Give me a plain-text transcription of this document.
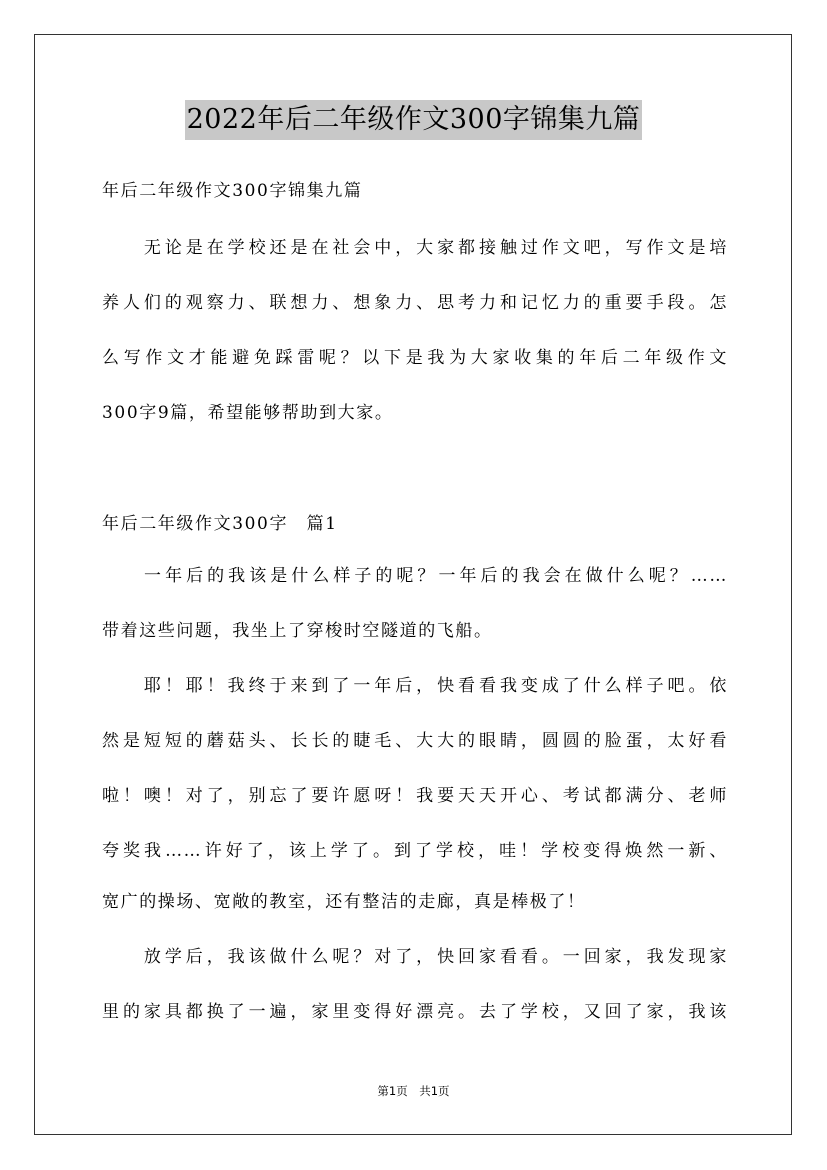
2022年后二年级作文300字锦集九篇
年后二年级作文300字锦集九篇
　　无论是在学校还是在社会中，大家都接触过作文吧，写作文是培
养人们的观察力、联想力、想象力、思考力和记忆力的重要手段。怎
么写作文才能避免踩雷呢？以下是我为大家收集的年后二年级作文
300字9篇，希望能够帮助到大家。
年后二年级作文300字　篇1
　　一年后的我该是什么样子的呢？一年后的我会在做什么呢？……
带着这些问题，我坐上了穿梭时空隧道的飞船。
　　耶！耶！我终于来到了一年后，快看看我变成了什么样子吧。依
然是短短的蘑菇头、长长的睫毛、大大的眼睛，圆圆的脸蛋，太好看
啦！噢！对了，别忘了要许愿呀！我要天天开心、考试都满分、老师
夸奖我……许好了，该上学了。到了学校，哇！学校变得焕然一新、
宽广的操场、宽敞的教室，还有整洁的走廊，真是棒极了！
　　放学后，我该做什么呢？对了，快回家看看。一回家，我发现家
里的家具都换了一遍，家里变得好漂亮。去了学校，又回了家，我该
第1页　共1页
